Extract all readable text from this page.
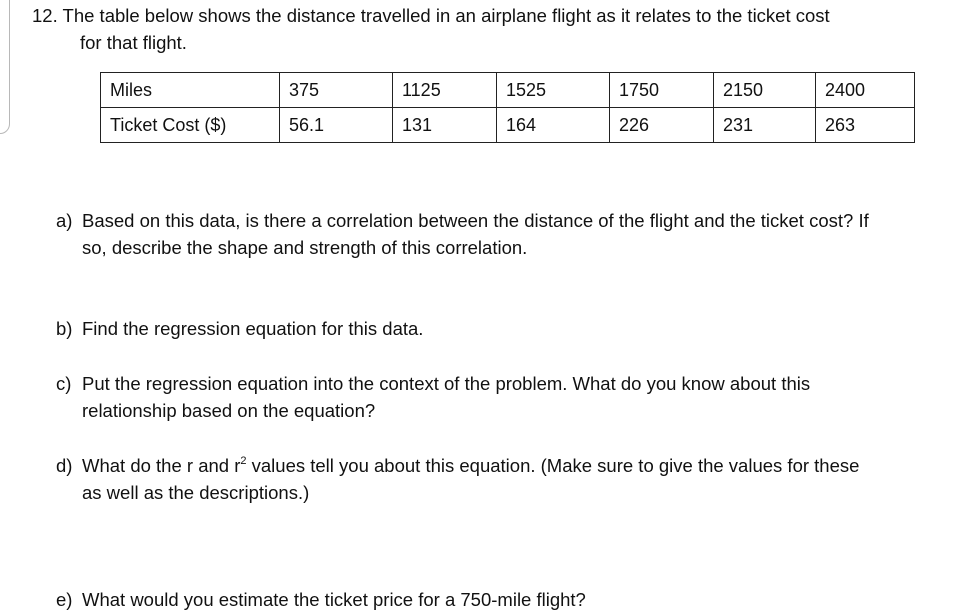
12. The table below shows the distance travelled in an airplane flight as it relates to the ticket cost
for that flight.
Miles	375	1125	1525	1750	2150	2400
Ticket Cost ($)	56.1	131	164	226	231	263
a) Based on this data, is there a correlation between the distance of the flight and the ticket cost? If
so, describe the shape and strength of this correlation.
b) Find the regression equation for this data.
c) Put the regression equation into the context of the problem. What do you know about this
relationship based on the equation?
d) What do the r and $r^2$ values tell you about this equation. (Make sure to give the values for these
as well as the descriptions.)
e) What would you estimate the ticket price for a 750-mile flight?
